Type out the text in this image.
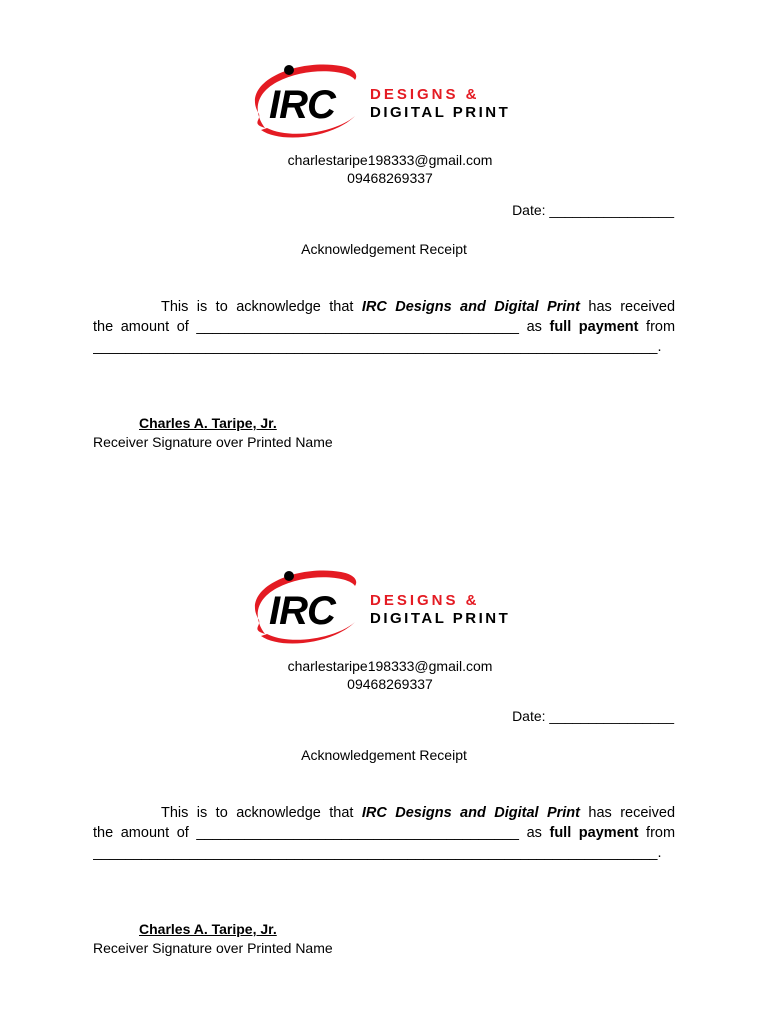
IRC DESIGNS &
DIGITAL PRINT
charlestaripe198333@gmail.com
09468269337
Date: ________________
Acknowledgement Receipt
This is to acknowledge that IRC Designs and Digital Print has received
the amount of ________________________________________ as full payment from
______________________________________________________________________.
Charles A. Taripe, Jr.
Receiver Signature over Printed Name
IRC DESIGNS &
DIGITAL PRINT
charlestaripe198333@gmail.com
09468269337
Date: ________________
Acknowledgement Receipt
This is to acknowledge that IRC Designs and Digital Print has received
the amount of ________________________________________ as full payment from
______________________________________________________________________.
Charles A. Taripe, Jr.
Receiver Signature over Printed Name
